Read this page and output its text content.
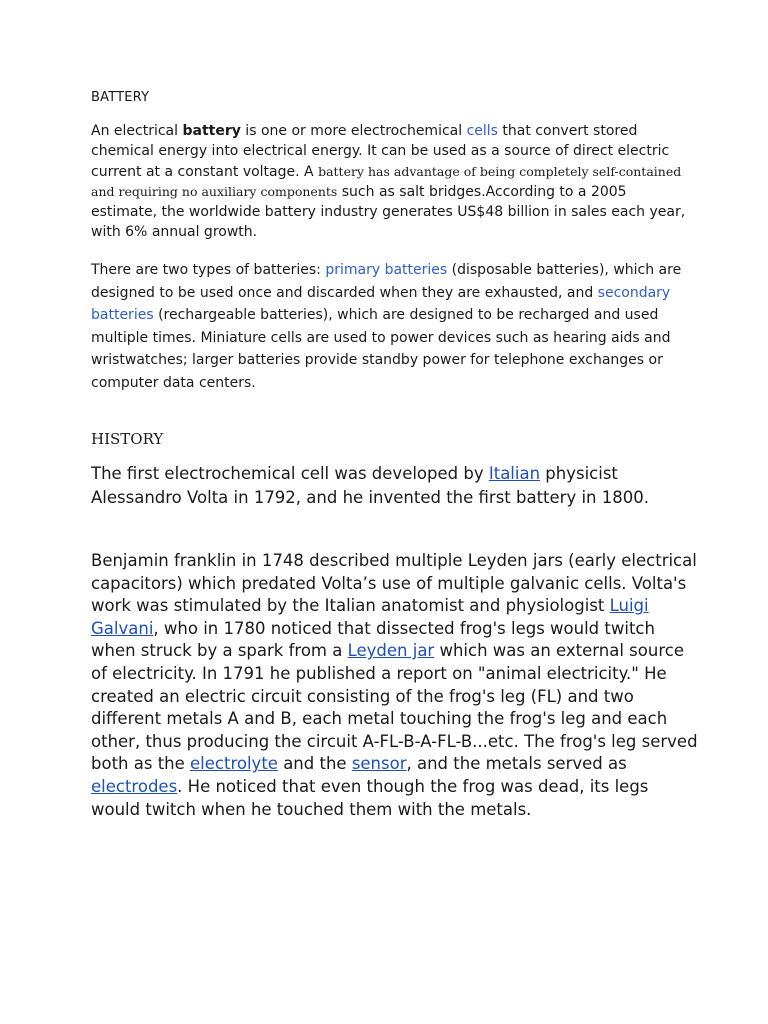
BATTERY

An electrical battery is one or more electrochemical cells that convert stored chemical energy into electrical energy. It can be used as a source of direct electric current at a constant voltage. A battery has advantage of being completely self-contained and requiring no auxiliary components such as salt bridges.According to a 2005 estimate, the worldwide battery industry generates US$48 billion in sales each year, with 6% annual growth.

There are two types of batteries: primary batteries (disposable batteries), which are designed to be used once and discarded when they are exhausted, and secondary batteries (rechargeable batteries), which are designed to be recharged and used multiple times. Miniature cells are used to power devices such as hearing aids and wristwatches; larger batteries provide standby power for telephone exchanges or computer data centers.

HISTORY

The first electrochemical cell was developed by Italian physicist Alessandro Volta in 1792, and he invented the first battery in 1800.

Benjamin franklin in 1748 described multiple Leyden jars (early electrical capacitors) which predated Volta’s use of multiple galvanic cells. Volta's work was stimulated by the Italian anatomist and physiologist Luigi Galvani, who in 1780 noticed that dissected frog's legs would twitch when struck by a spark from a Leyden jar which was an external source of electricity. In 1791 he published a report on "animal electricity." He created an electric circuit consisting of the frog's leg (FL) and two different metals A and B, each metal touching the frog's leg and each other, thus producing the circuit A-FL-B-A-FL-B...etc. The frog's leg served both as the electrolyte and the sensor, and the metals served as electrodes. He noticed that even though the frog was dead, its legs would twitch when he touched them with the metals.
